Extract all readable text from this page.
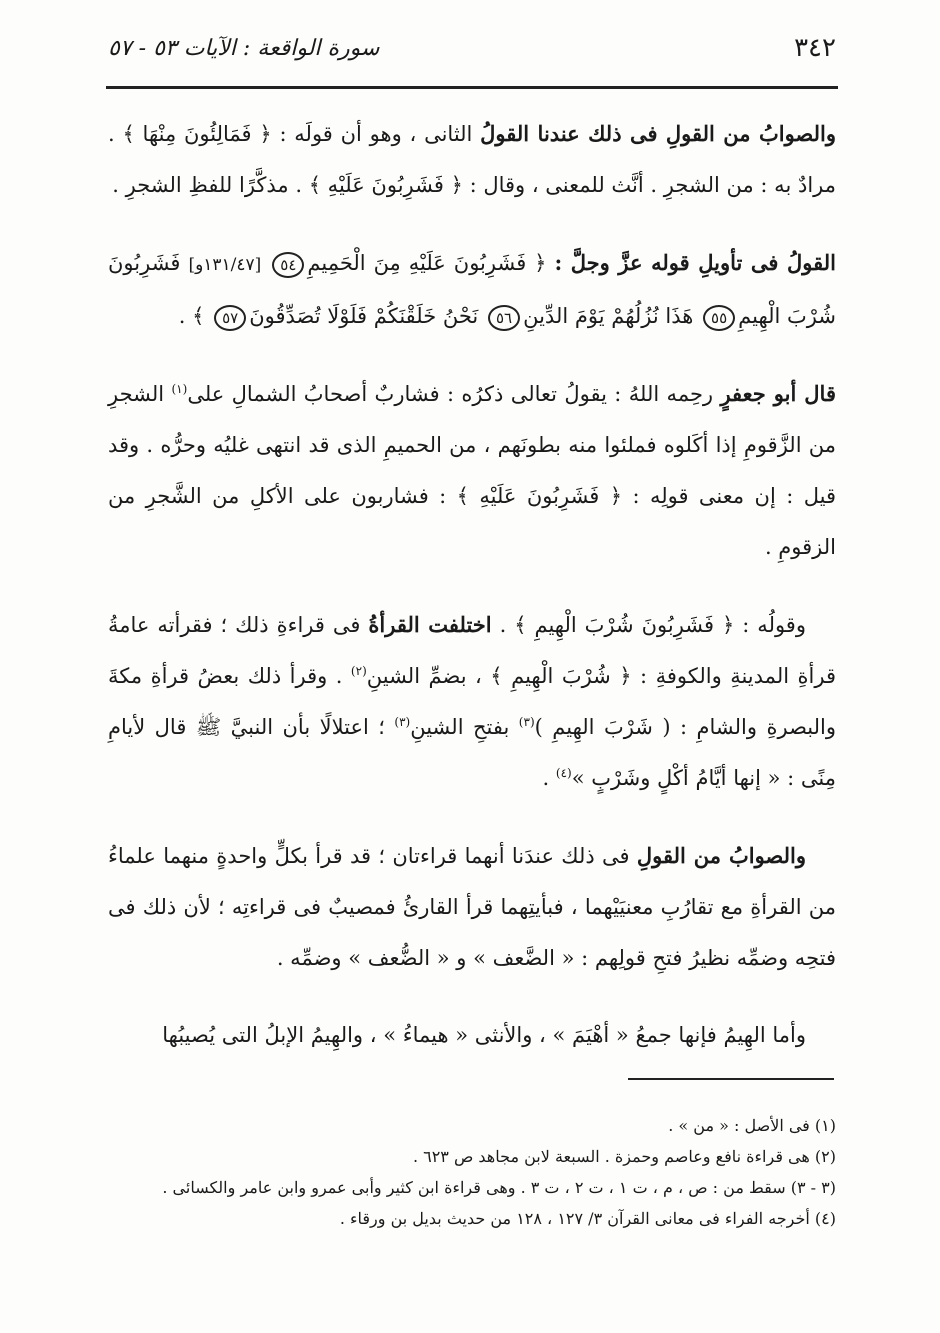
٣٤٢
سورة الواقعة : الآيات ٥٣ - ٥٧

والصوابُ من القولِ فى ذلك عندنا القولُ الثانى ، وهو أن قولَه : ﴿ فَمَالِئُونَ مِنْهَا ﴾ . مرادٌ به : من الشجرِ . أنَّث للمعنى ، وقال : ﴿ فَشَرِبُونَ عَلَيْهِ ﴾ . مذكَّرًا للفظِ الشجرِ .

القولُ فى تأويلِ قوله عزَّ وجلَّ : ﴿ فَشَرِبُونَ عَلَيْهِ مِنَ الْحَمِيمِ٥٤ [١٣١/٤٧و] فَشَرِبُونَ شُرْبَ الْهِيمِ٥٥ هَذَا نُزُلُهُمْ يَوْمَ الدِّينِ٥٦ نَحْنُ خَلَقْنَكُمْ فَلَوْلَا تُصَدِّقُونَ٥٧ ﴾ .

قال أبو جعفرٍ رحِمه اللهُ : يقولُ تعالى ذكرُه : فشاربٌ أصحابُ الشمالِ على$^{(١)}$ الشجرِ من الزَّقومِ إذا أكَلوه فملئوا منه بطونَهم ، من الحميمِ الذى قد انتهى غليُه وحرُّه . وقد قيل : إن معنى قولِه : ﴿ فَشَرِبُونَ عَلَيْهِ ﴾ : فشاربون على الأكلِ من الشَّجرِ من الزقومِ .

وقولُه : ﴿ فَشَرِبُونَ شُرْبَ الْهِيمِ ﴾ . اختلفت القرأةُ فى قراءةِ ذلك ؛ فقرأته عامةُ قرأةِ المدينةِ والكوفةِ : ﴿ شُرْبَ الْهِيمِ ﴾ ، بضمِّ الشينِ$^{(٢)}$ . وقرأ ذلك بعضُ قرأةِ مكةَ والبصرةِ والشامِ : ( شَرْبَ الهِيمِ )$^{(٣)}$ بفتحِ الشينِ$^{(٣)}$ ؛ اعتلالًا بأن النبيَّ ﷺ قال لأيامِ مِنًى : « إنها أيَّامُ أكْلٍ وشَرْبٍ »$^{(٤)}$ .

والصوابُ من القولِ فى ذلك عندَنا أنهما قراءتان ؛ قد قرأ بكلٍّ واحدةٍ منهما علماءُ من القرأةِ مع تقارُبِ معنيَيْهما ، فبأيتِهما قرأ القارئُ فمصيبٌ فى قراءتِه ؛ لأن ذلك فى فتحِه وضمِّه نظيرُ فتحِ قولِهم : « الضَّعف » و « الضُّعف » وضمِّه .

وأما الهِيمُ فإنها جمعُ « أهْيَمَ » ، والأنثى « هيماءُ » ، والهِيمُ الإبلُ التى يُصيبُها

(١) فى الأصل : « من » .

(٢) هى قراءة نافع وعاصم وحمزة . السبعة لابن مجاهد ص ٦٢٣ .

(٣ - ٣) سقط من : ص ، م ، ت ١ ، ت ٢ ، ت ٣ . وهى قراءة ابن كثير وأبى عمرو وابن عامر والكسائى .

(٤) أخرجه الفراء فى معانى القرآن ٣/ ١٢٧ ، ١٢٨ من حديث بديل بن ورقاء .
